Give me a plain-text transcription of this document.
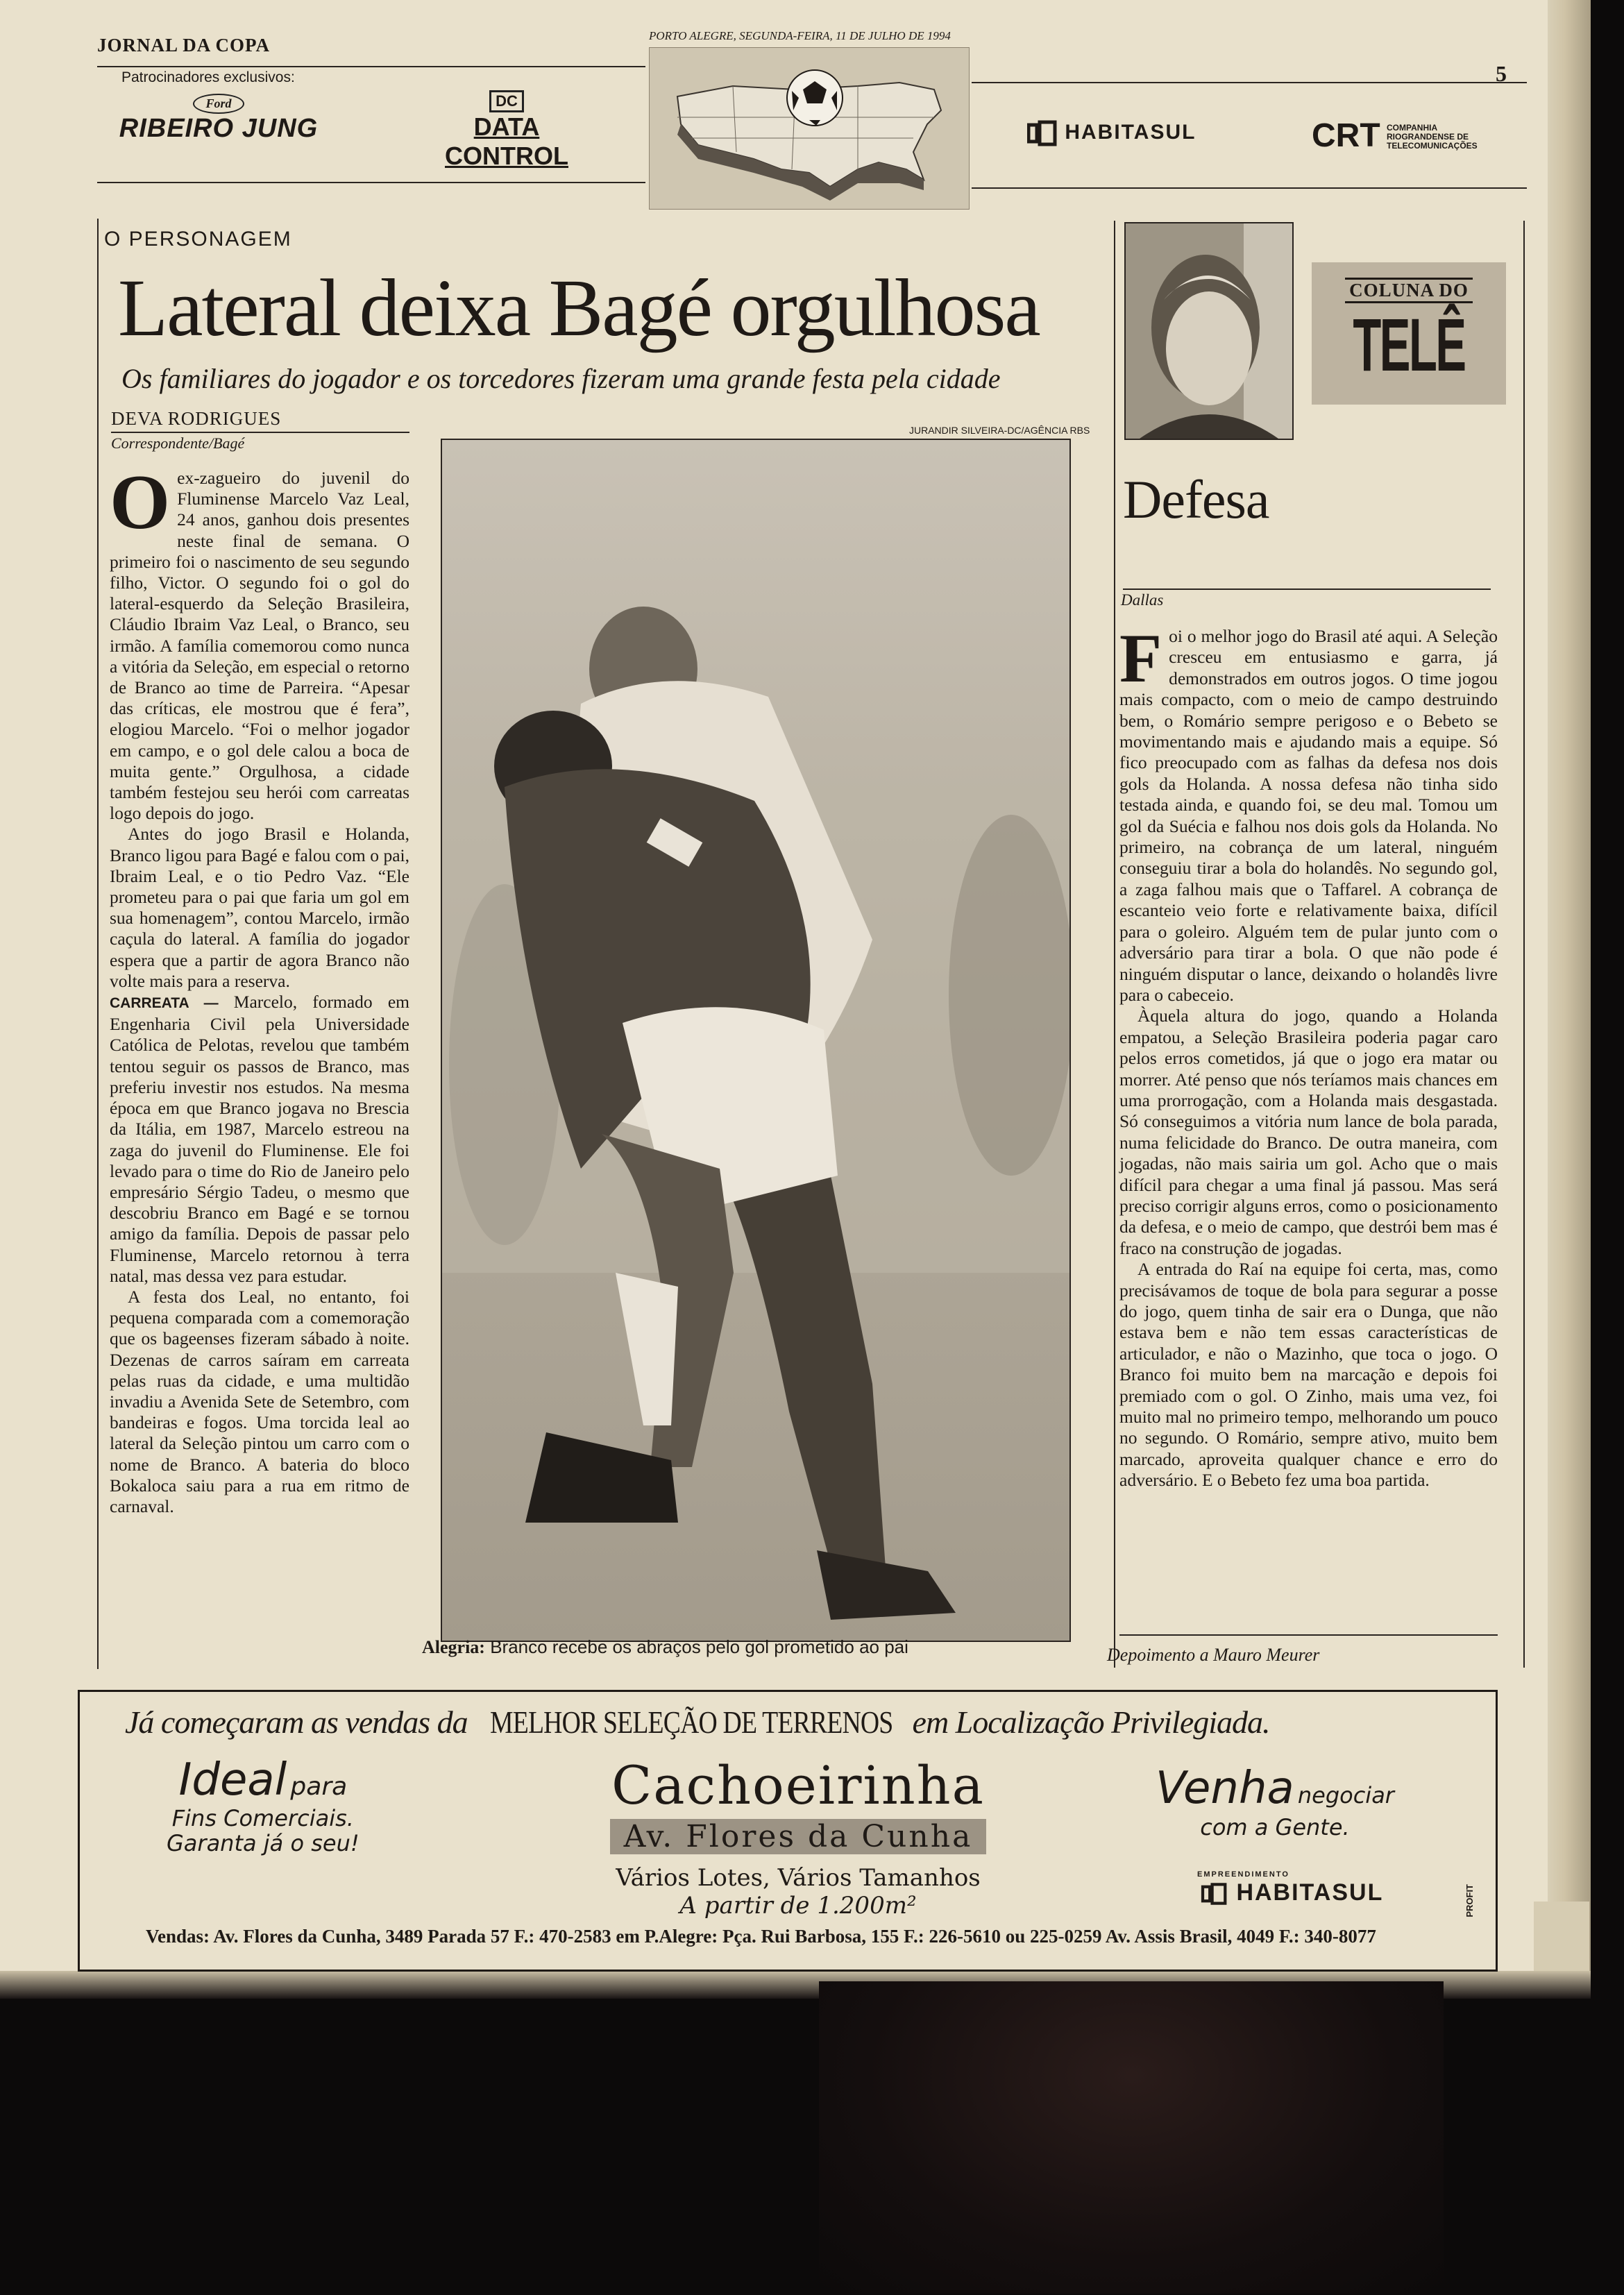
JORNAL DA COPA	PORTO ALEGRE, SEGUNDA-FEIRA, 11 DE JULHO DE 1994
5
Patrocinadores exclusivos:
Ford
RIBEIRO JUNG
DC
DATA CONTROL
HABITASUL	CRT COMPANHIA RIOGRANDENSE DE TELECOMUNICAÇÕES
O PERSONAGEM
Lateral deixa Bagé orgulhosa
Os familiares do jogador e os torcedores fizeram uma grande festa pela cidade
DEVA RODRIGUES
Correspondente/Bagé

Oex-zagueiro do juvenil do Fluminense Marcelo Vaz Leal, 24 anos, ganhou dois presentes neste final de semana. O primeiro foi o nascimento de seu segundo filho, Victor. O segundo foi o gol do lateral-esquerdo da Seleção Brasileira, Cláudio Ibraim Vaz Leal, o Branco, seu irmão. A família comemorou como nunca a vitória da Seleção, em especial o retorno de Branco ao time de Parreira. “Apesar das críticas, ele mostrou que é fera”, elogiou Marcelo. “Foi o melhor jogador em campo, e o gol dele calou a boca de muita gente.” Orgulhosa, a cidade também festejou seu herói com carreatas logo depois do jogo.

Antes do jogo Brasil e Holanda, Branco ligou para Bagé e falou com o pai, Ibraim Leal, e o tio Pedro Vaz. “Ele prometeu para o pai que faria um gol em sua homenagem”, contou Marcelo, irmão caçula do lateral. A família do jogador espera que a partir de agora Branco não volte mais para a reserva.

CARREATA — Marcelo, formado em Engenharia Civil pela Universidade Católica de Pelotas, revelou que também tentou seguir os passos de Branco, mas preferiu investir nos estudos. Na mesma época em que Branco jogava no Brescia da Itália, em 1987, Marcelo estreou na zaga do juvenil do Fluminense. Ele foi levado para o time do Rio de Janeiro pelo empresário Sérgio Tadeu, o mesmo que descobriu Branco em Bagé e se tornou amigo da família. Depois de passar pelo Fluminense, Marcelo retornou à terra natal, mas dessa vez para estudar.

A festa dos Leal, no entanto, foi pequena comparada com a comemoração que os bageenses fizeram sábado à noite. Dezenas de carros saíram em carreata pelas ruas da cidade, e uma multidão invadiu a Avenida Sete de Setembro, com bandeiras e fogos. Uma torcida leal ao lateral da Seleção pintou um carro com o nome de Branco. A bateria do bloco Bokaloca saiu para a rua em ritmo de carnaval.

JURANDIR SILVEIRA-DC/AGÊNCIA RBS
Alegria: Branco recebe os abraços pelo gol prometido ao pai
COLUNA DO
TELÊ
Defesa
Dallas

Foi o melhor jogo do Brasil até aqui. A Seleção cresceu em entusiasmo e garra, já demonstrados em outros jogos. O time jogou mais compacto, com o meio de campo destruindo bem, o Romário sempre perigoso e o Bebeto se movimentando mais e ajudando mais a equipe. Só fico preocupado com as falhas da defesa nos dois gols da Holanda. A nossa defesa não tinha sido testada ainda, e quando foi, se deu mal. Tomou um gol da Suécia e falhou nos dois gols da Holanda. No primeiro, na cobrança de um lateral, ninguém conseguiu tirar a bola do holandês. No segundo gol, a zaga falhou mais que o Taffarel. A cobrança de escanteio veio forte e relativamente baixa, difícil para o goleiro. Alguém tem de pular junto com o adversário para tirar a bola. O que não pode é ninguém disputar o lance, deixando o holandês livre para o cabeceio.

Àquela altura do jogo, quando a Holanda empatou, a Seleção Brasileira poderia pagar caro pelos erros cometidos, já que o jogo era matar ou morrer. Até penso que nós teríamos mais chances em uma prorrogação, com a Holanda mais desgastada. Só conseguimos a vitória num lance de bola parada, numa felicidade do Branco. De outra maneira, com jogadas, não mais sairia um gol. Acho que o mais difícil para chegar a uma final já passou. Mas será preciso corrigir alguns erros, como o posicionamento da defesa, e o meio de campo, que destrói bem mas é fraco na construção de jogadas.

A entrada do Raí na equipe foi certa, mas, como precisávamos de toque de bola para segurar a posse do jogo, quem tinha de sair era o Dunga, que não estava bem e não tem essas características de articulador, e não o Mazinho, que toca o jogo. O Branco foi muito bem na marcação e depois foi premiado com o gol. O Zinho, mais uma vez, foi muito mal no primeiro tempo, melhorando um pouco no segundo. O Romário, sempre ativo, muito bem marcado, aproveita qualquer chance e erro do adversário. E o Bebeto fez uma boa partida.

Depoimento a Mauro Meurer
Já começaram as vendas da MELHOR SELEÇÃO DE TERRENOS em Localização Privilegiada.
Ideal para
Fins Comerciais.
Garanta já o seu!
Cachoeirinha
Av. Flores da Cunha
Vários Lotes, Vários Tamanhos
A partir de 1.200m²
Venha negociar
com a Gente.
EMPREENDIMENTO
HABITASUL	PROFIT
Vendas: Av. Flores da Cunha, 3489 Parada 57 F.: 470-2583 em P.Alegre: Pça. Rui Barbosa, 155 F.: 226-5610 ou 225-0259 Av. Assis Brasil, 4049 F.: 340-8077
